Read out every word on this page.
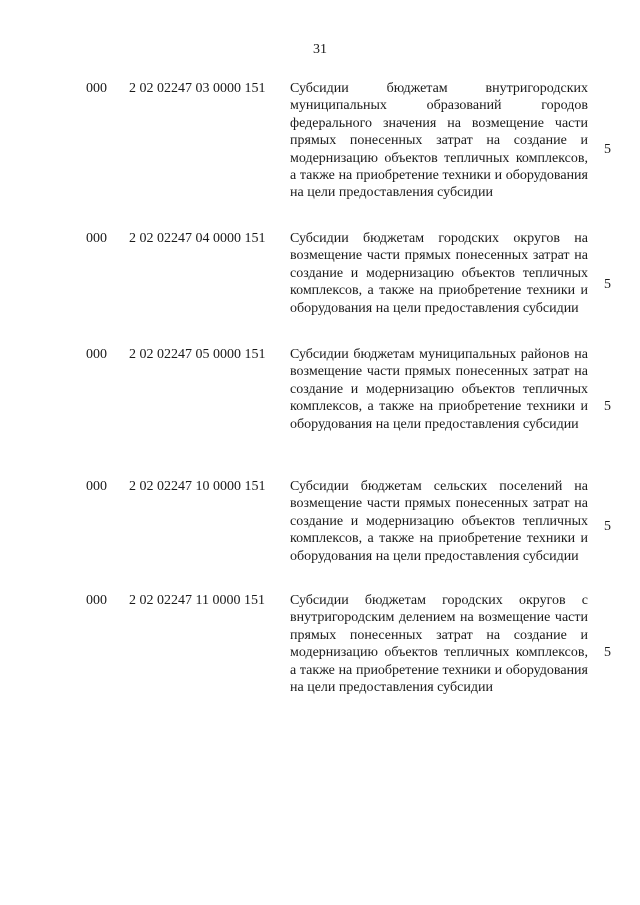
31
000 2 02 02247 03 0000 151 Субсидии бюджетам внутригородских муниципальных образований городов федерального значения на возмещение части прямых понесенных затрат на создание и модернизацию объектов тепличных комплексов, а также на приобретение техники и оборудования на цели предоставления субсидии
5
000 2 02 02247 04 0000 151 Субсидии бюджетам городских округов на возмещение части прямых понесенных затрат на создание и модернизацию объектов тепличных комплексов, а также на приобретение техники и оборудования на цели предоставления субсидии
5
000 2 02 02247 05 0000 151 Субсидии бюджетам муниципальных районов на возмещение части прямых понесенных затрат на создание и модернизацию объектов тепличных комплексов, а также на приобретение техники и оборудования на цели предоставления субсидии
5
000 2 02 02247 10 0000 151 Субсидии бюджетам сельских поселений на возмещение части прямых понесенных затрат на создание и модернизацию объектов тепличных комплексов, а также на приобретение техники и оборудования на цели предоставления субсидии
5
000 2 02 02247 11 0000 151 Субсидии бюджетам городских округов с внутригородским делением на возмещение части прямых понесенных затрат на создание и модернизацию объектов тепличных комплексов, а также на приобретение техники и оборудования на цели предоставления субсидии
5
